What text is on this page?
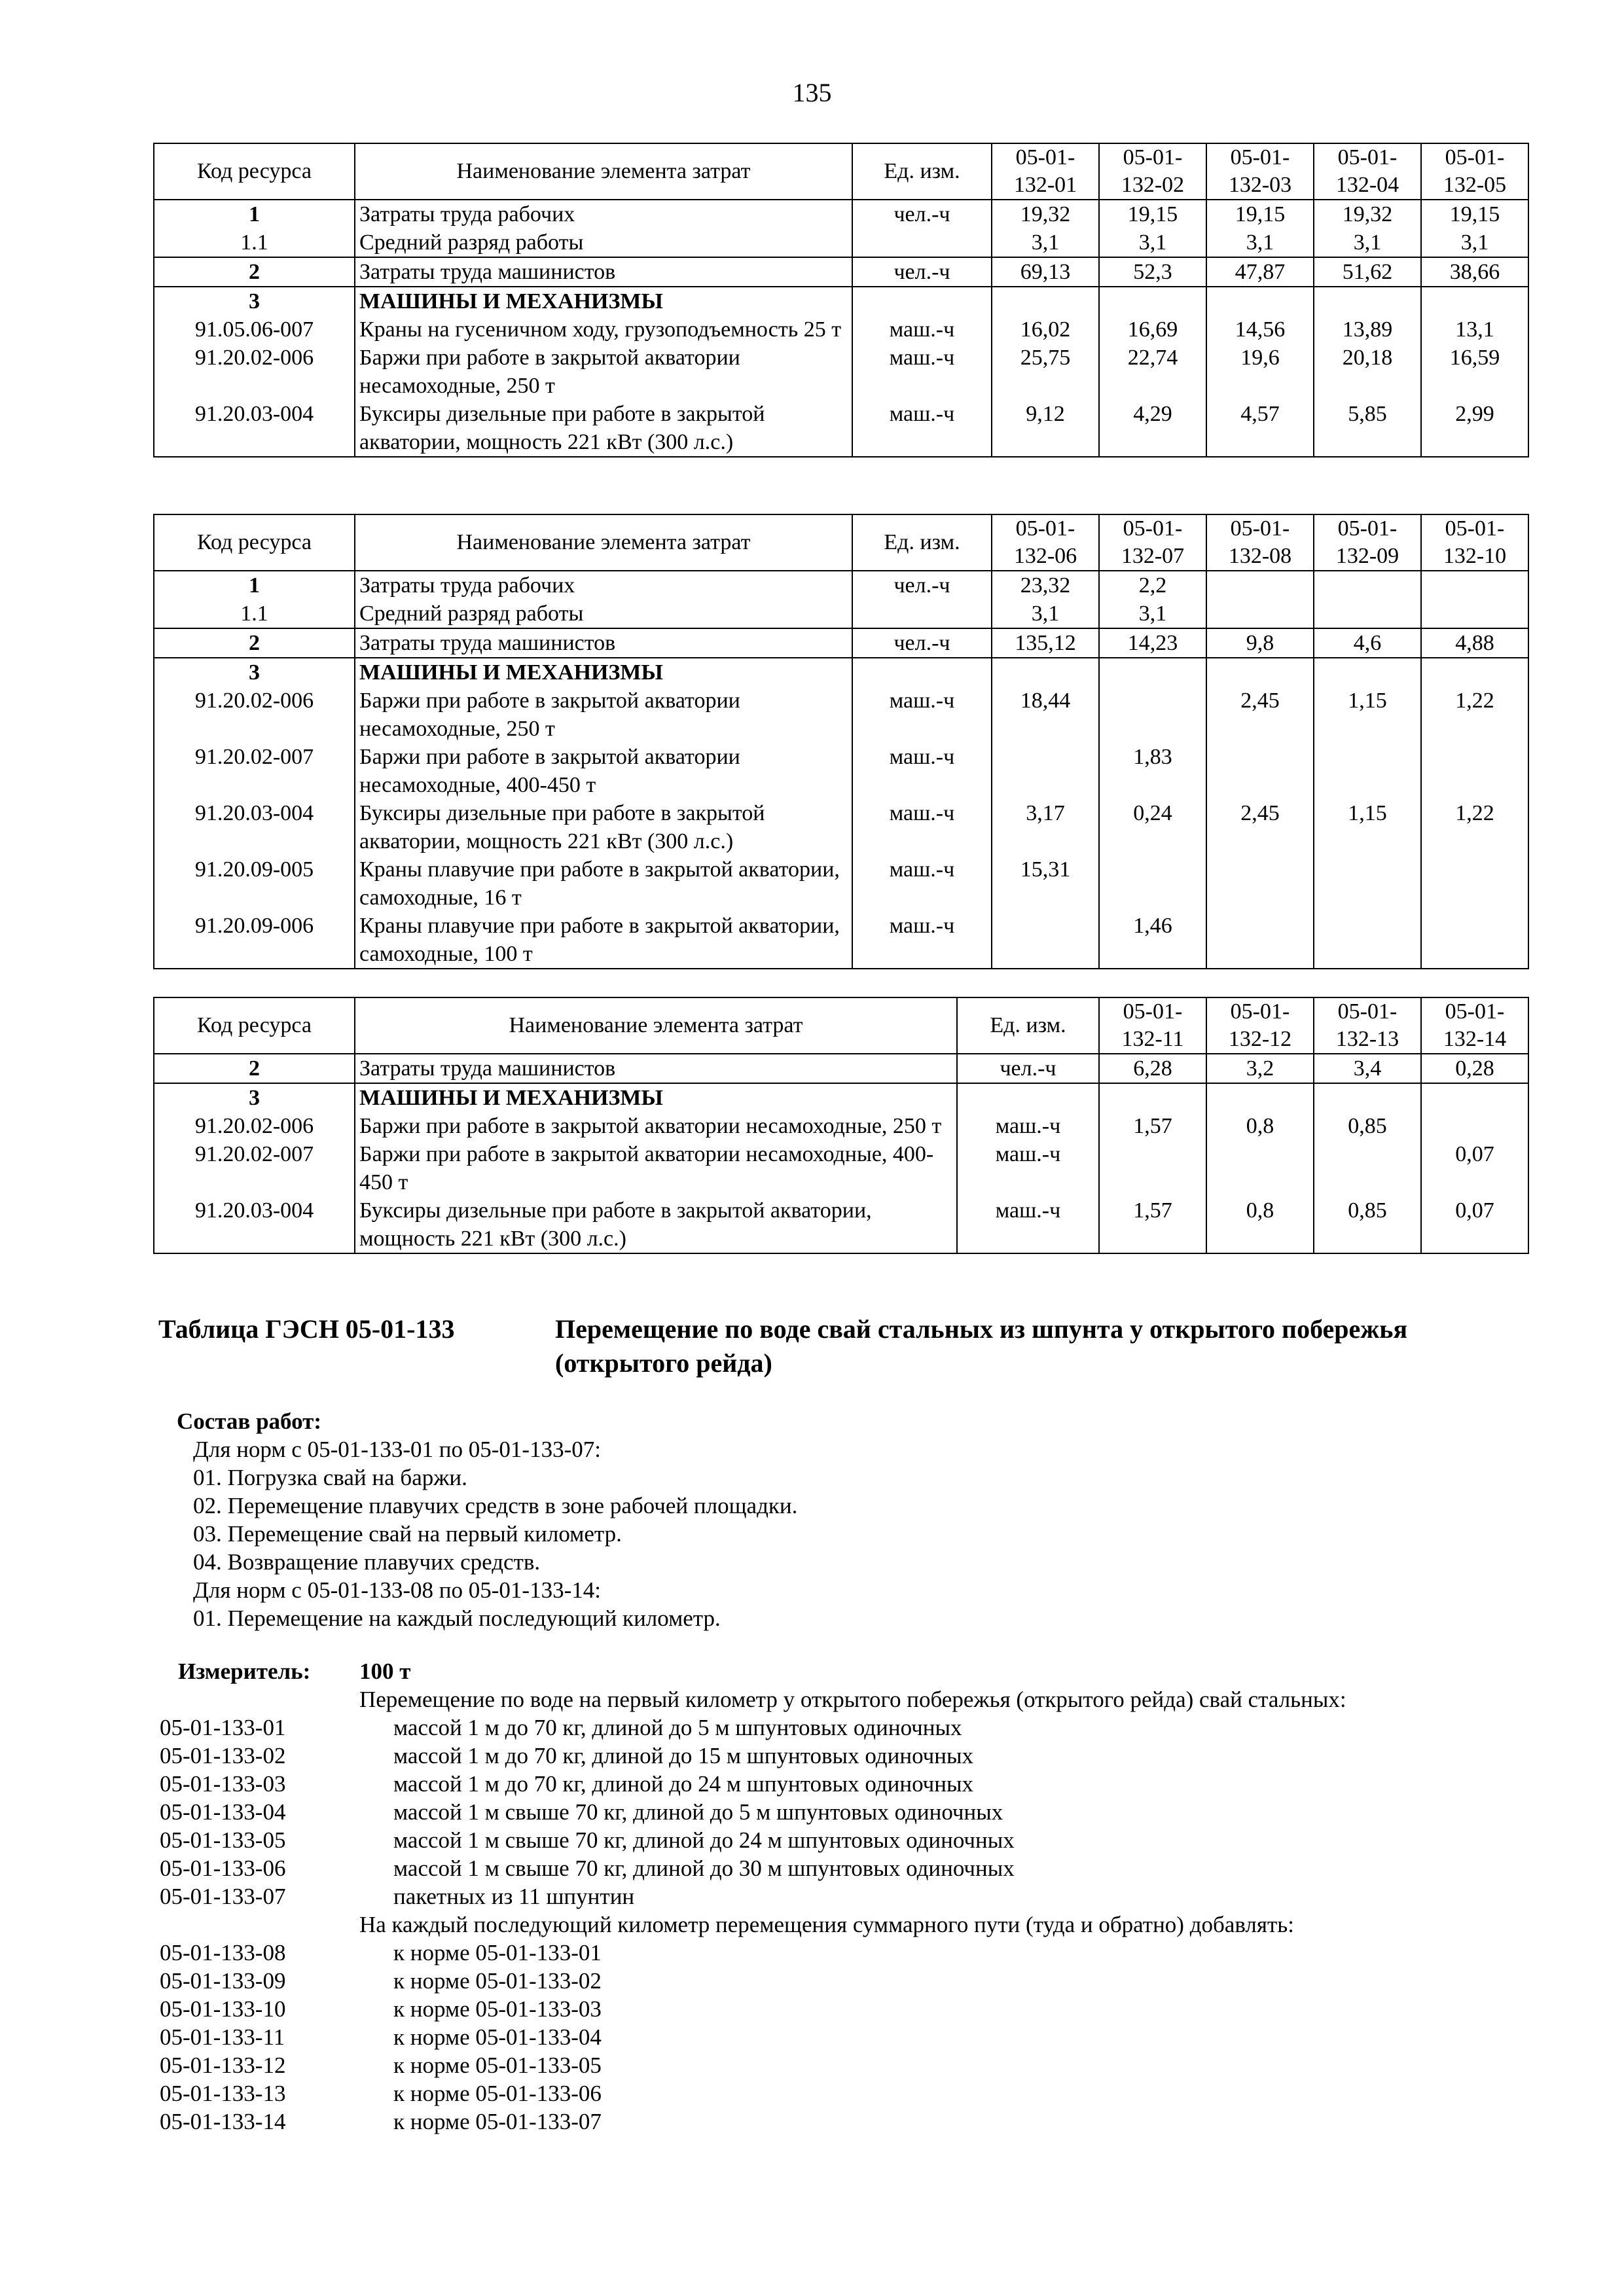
135
Код ресурса	Наименование элемента затрат	Ед. изм.	05-01-132-01	05-01-132-02	05-01-132-03	05-01-132-04	05-01-132-05
1	Затраты труда рабочих	чел.-ч	19,32	19,15	19,15	19,32	19,15
1.1	Средний разряд работы		3,1	3,1	3,1	3,1	3,1
2	Затраты труда машинистов	чел.-ч	69,13	52,3	47,87	51,62	38,66
3	МАШИНЫ И МЕХАНИЗМЫ						
91.05.06-007	Краны на гусеничном ходу, грузоподъемность 25 т	маш.-ч	16,02	16,69	14,56	13,89	13,1
91.20.02-006	Баржи при работе в закрытой акватории несамоходные, 250 т	маш.-ч	25,75	22,74	19,6	20,18	16,59
91.20.03-004	Буксиры дизельные при работе в закрытой акватории, мощность 221 кВт (300 л.с.)	маш.-ч	9,12	4,29	4,57	5,85	2,99
Код ресурса	Наименование элемента затрат	Ед. изм.	05-01-132-06	05-01-132-07	05-01-132-08	05-01-132-09	05-01-132-10
1	Затраты труда рабочих	чел.-ч	23,32	2,2			
1.1	Средний разряд работы		3,1	3,1			
2	Затраты труда машинистов	чел.-ч	135,12	14,23	9,8	4,6	4,88
3	МАШИНЫ И МЕХАНИЗМЫ						
91.20.02-006	Баржи при работе в закрытой акватории несамоходные, 250 т	маш.-ч	18,44		2,45	1,15	1,22
91.20.02-007	Баржи при работе в закрытой акватории несамоходные, 400-450 т	маш.-ч		1,83			
91.20.03-004	Буксиры дизельные при работе в закрытой акватории, мощность 221 кВт (300 л.с.)	маш.-ч	3,17	0,24	2,45	1,15	1,22
91.20.09-005	Краны плавучие при работе в закрытой акватории, самоходные, 16 т	маш.-ч	15,31				
91.20.09-006	Краны плавучие при работе в закрытой акватории, самоходные, 100 т	маш.-ч		1,46			
Код ресурса	Наименование элемента затрат	Ед. изм.	05-01-132-11	05-01-132-12	05-01-132-13	05-01-132-14
2	Затраты труда машинистов	чел.-ч	6,28	3,2	3,4	0,28
3	МАШИНЫ И МЕХАНИЗМЫ					
91.20.02-006	Баржи при работе в закрытой акватории несамоходные, 250 т	маш.-ч	1,57	0,8	0,85	
91.20.02-007	Баржи при работе в закрытой акватории несамоходные, 400-450 т	маш.-ч				0,07
91.20.03-004	Буксиры дизельные при работе в закрытой акватории, мощность 221 кВт (300 л.с.)	маш.-ч	1,57	0,8	0,85	0,07
Таблица ГЭСН 05-01-133	Перемещение по воде свай стальных из шпунта у открытого побережья (открытого рейда)
Состав работ:
Для норм с 05-01-133-01 по 05-01-133-07:
01. Погрузка свай на баржи.
02. Перемещение плавучих средств в зоне рабочей площадки.
03. Перемещение свай на первый километр.
04. Возвращение плавучих средств.
Для норм с 05-01-133-08 по 05-01-133-14:
01. Перемещение на каждый последующий километр.
Измеритель:	100 т
Перемещение по воде на первый километр у открытого побережья (открытого рейда) свай стальных:
05-01-133-01	массой 1 м до 70 кг, длиной до 5 м шпунтовых одиночных
05-01-133-02	массой 1 м до 70 кг, длиной до 15 м шпунтовых одиночных
05-01-133-03	массой 1 м до 70 кг, длиной до 24 м шпунтовых одиночных
05-01-133-04	массой 1 м свыше 70 кг, длиной до 5 м шпунтовых одиночных
05-01-133-05	массой 1 м свыше 70 кг, длиной до 24 м шпунтовых одиночных
05-01-133-06	массой 1 м свыше 70 кг, длиной до 30 м шпунтовых одиночных
05-01-133-07	пакетных из 11 шпунтин
На каждый последующий километр перемещения суммарного пути (туда и обратно) добавлять:
05-01-133-08	к норме 05-01-133-01
05-01-133-09	к норме 05-01-133-02
05-01-133-10	к норме 05-01-133-03
05-01-133-11	к норме 05-01-133-04
05-01-133-12	к норме 05-01-133-05
05-01-133-13	к норме 05-01-133-06
05-01-133-14	к норме 05-01-133-07
